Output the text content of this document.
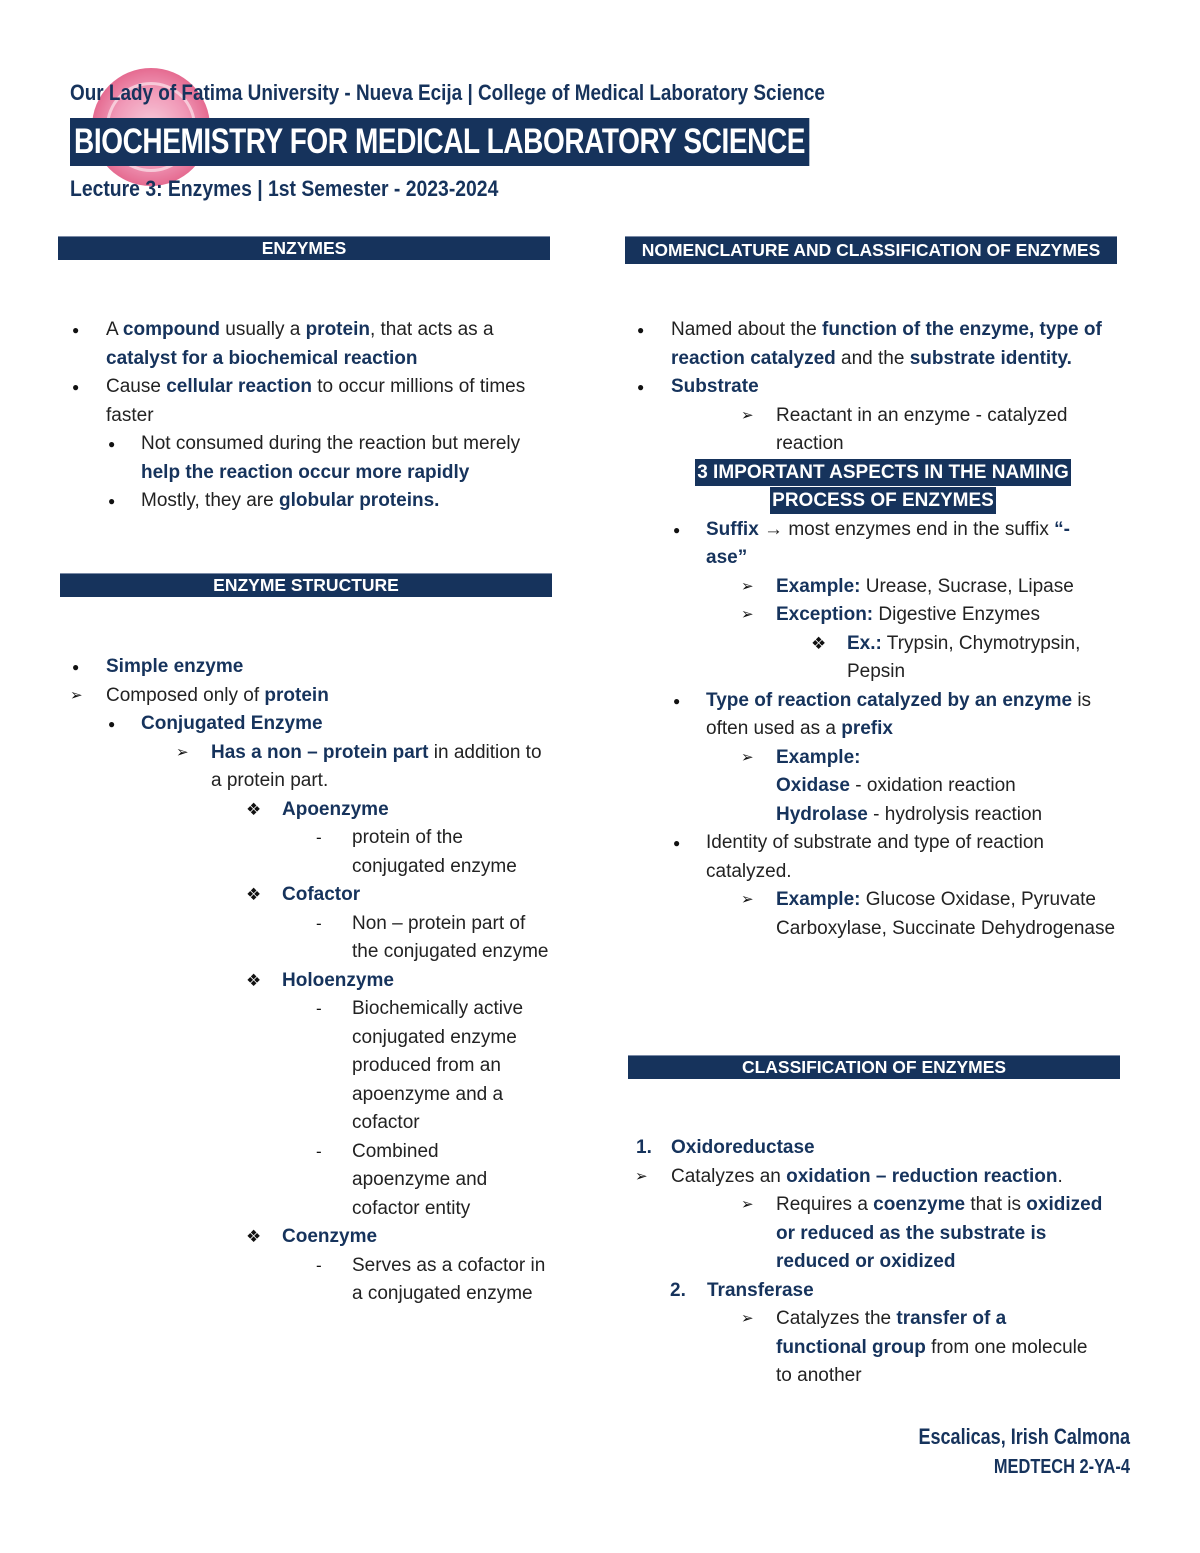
Our Lady of Fatima University - Nueva Ecija | College of Medical Laboratory Science
BIOCHEMISTRY FOR MEDICAL LABORATORY SCIENCE
Lecture 3: Enzymes | 1st Semester - 2023-2024
ENZYMES
● A compound usually a protein, that acts as a catalyst for a biochemical reaction
● Cause cellular reaction to occur millions of times faster
● Not consumed during the reaction but merely help the reaction occur more rapidly
● Mostly, they are globular proteins.
ENZYME STRUCTURE
● Simple enzyme
➢ Composed only of protein
● Conjugated Enzyme
➢ Has a non – protein part in addition to a protein part.
❖ Apoenzyme
- protein of the conjugated enzyme
❖ Cofactor
- Non – protein part of the conjugated enzyme
❖ Holoenzyme
- Biochemically active conjugated enzyme produced from an apoenzyme and a cofactor
- Combined apoenzyme and cofactor entity
❖ Coenzyme
- Serves as a cofactor in a conjugated enzyme
NOMENCLATURE AND CLASSIFICATION OF ENZYMES
● Named about the function of the enzyme, type of reaction catalyzed and the substrate identity.
● Substrate
➢ Reactant in an enzyme - catalyzed reaction
3 IMPORTANT ASPECTS IN THE NAMING
PROCESS OF ENZYMES
● Suffix → most enzymes end in the suffix “-ase”
➢ Example: Urease, Sucrase, Lipase
➢ Exception: Digestive Enzymes
❖ Ex.: Trypsin, Chymotrypsin, Pepsin
● Type of reaction catalyzed by an enzyme is often used as a prefix
➢ Example:
Oxidase - oxidation reaction
Hydrolase - hydrolysis reaction
● Identity of substrate and type of reaction catalyzed.
➢ Example: Glucose Oxidase, Pyruvate Carboxylase, Succinate Dehydrogenase
CLASSIFICATION OF ENZYMES
1. Oxidoreductase
➢ Catalyzes an oxidation – reduction reaction.
➢ Requires a coenzyme that is oxidized or reduced as the substrate is reduced or oxidized
2. Transferase
➢ Catalyzes the transfer of a functional group from one molecule to another
Escalicas, Irish Calmona
MEDTECH 2-YA-4
